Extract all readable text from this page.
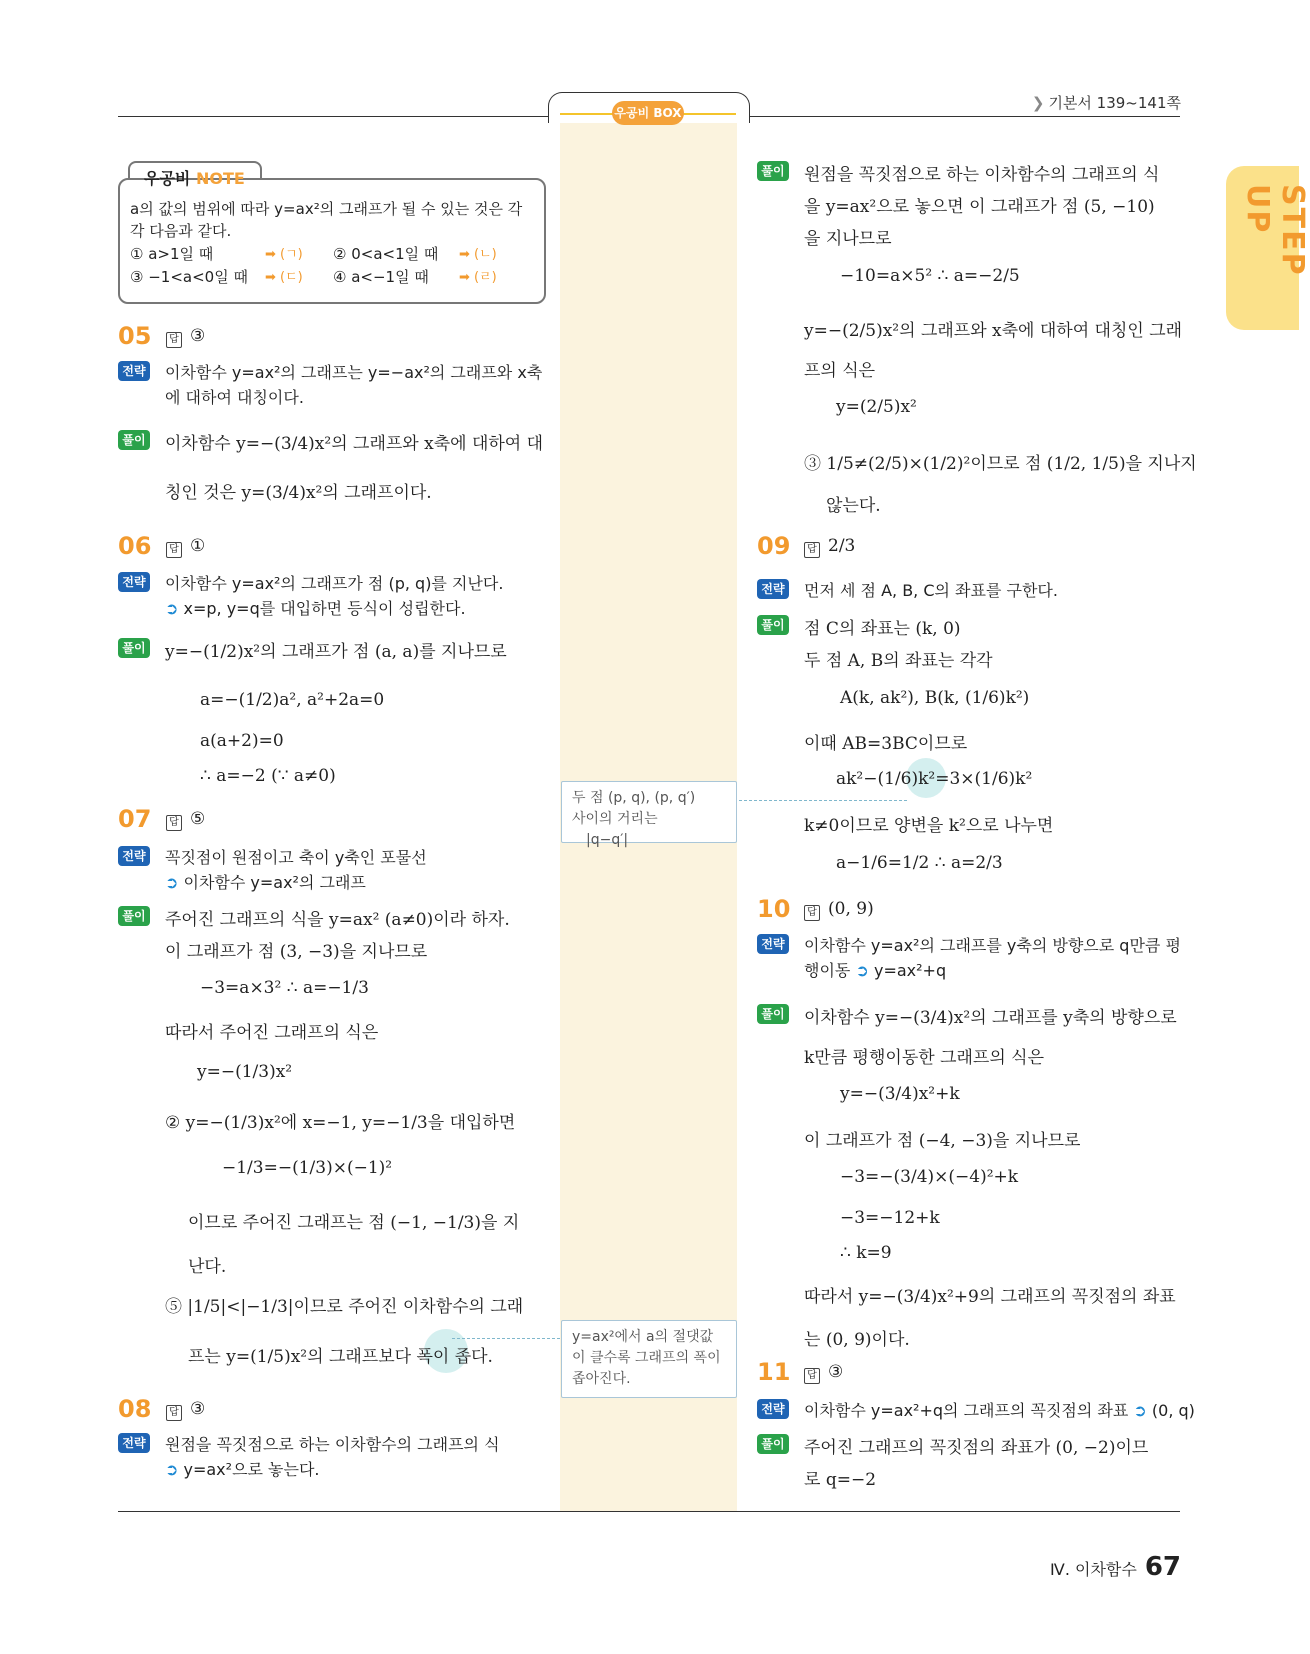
우공비 BOX
❯ 기본서 139~141쪽
STEP UP
우공비 NOTE
a의 값의 범위에 따라 y=ax²의 그래프가 될 수 있는 것은 각
각 다음과 같다.
① a>1일 때	➡ (ㄱ) ② 0<a<1일 때 ➡ (ㄴ)
③ −1<a<0일 때 ➡ (ㄷ) ④ a<−1일 때 ➡ (ㄹ)
05	답 ③
전략 이차함수 y=ax²의 그래프는 y=−ax²의 그래프와 x축
에 대하여 대칭이다.
풀이 이차함수 y=−(3/4)x²의 그래프와 x축에 대하여 대
칭인 것은 y=(3/4)x²의 그래프이다.
06	답 ①
전략 이차함수 y=ax²의 그래프가 점 (p, q)를 지난다.
➲ x=p, y=q를 대입하면 등식이 성립한다.
풀이 y=−(1/2)x²의 그래프가 점 (a, a)를 지나므로
a=−(1/2)a², a²+2a=0
a(a+2)=0
∴ a=−2 (∵ a≠0)
07	답 ⑤
전략 꼭짓점이 원점이고 축이 y축인 포물선
➲ 이차함수 y=ax²의 그래프
풀이 주어진 그래프의 식을 y=ax² (a≠0)이라 하자.
이 그래프가 점 (3, −3)을 지나므로
−3=a×3² ∴ a=−1/3
따라서 주어진 그래프의 식은
y=−(1/3)x²
② y=−(1/3)x²에 x=−1, y=−1/3을 대입하면
−1/3=−(1/3)×(−1)²
이므로 주어진 그래프는 점 (−1, −1/3)을 지
난다.
⑤ |1/5|<|−1/3|이므로 주어진 이차함수의 그래
프는 y=(1/5)x²의 그래프보다 폭이 좁다.
08	답 ③
전략 원점을 꼭짓점으로 하는 이차함수의 그래프의 식
➲ y=ax²으로 놓는다.
풀이 원점을 꼭짓점으로 하는 이차함수의 그래프의 식
을 y=ax²으로 놓으면 이 그래프가 점 (5, −10)
을 지나므로
−10=a×5² ∴ a=−2/5
y=−(2/5)x²의 그래프와 x축에 대하여 대칭인 그래
프의 식은
y=(2/5)x²
③ 1/5≠(2/5)×(1/2)²이므로 점 (1/2, 1/5)을 지나지
않는다.
09	답 2/3
전략 먼저 세 점 A, B, C의 좌표를 구한다.
풀이 점 C의 좌표는 (k, 0)
두 점 A, B의 좌표는 각각
A(k, ak²), B(k, (1/6)k²)
이때 AB=3BC이므로
ak²−(1/6)k²=3×(1/6)k²
k≠0이므로 양변을 k²으로 나누면
a−1/6=1/2 ∴ a=2/3
두 점 (p, q), (p, q′)
사이의 거리는
|q−q′|
10	답 (0, 9)
전략 이차함수 y=ax²의 그래프를 y축의 방향으로 q만큼 평
행이동 ➲ y=ax²+q
풀이 이차함수 y=−(3/4)x²의 그래프를 y축의 방향으로
k만큼 평행이동한 그래프의 식은
y=−(3/4)x²+k
이 그래프가 점 (−4, −3)을 지나므로
−3=−(3/4)×(−4)²+k
−3=−12+k
∴ k=9
따라서 y=−(3/4)x²+9의 그래프의 꼭짓점의 좌표
는 (0, 9)이다.
y=ax²에서 a의 절댓값
이 클수록 그래프의 폭이
좁아진다.	11	답 ③
전략 이차함수 y=ax²+q의 그래프의 꼭짓점의 좌표 ➲ (0, q)
풀이 주어진 그래프의 꼭짓점의 좌표가 (0, −2)이므
로 q=−2
Ⅳ. 이차함수 67
